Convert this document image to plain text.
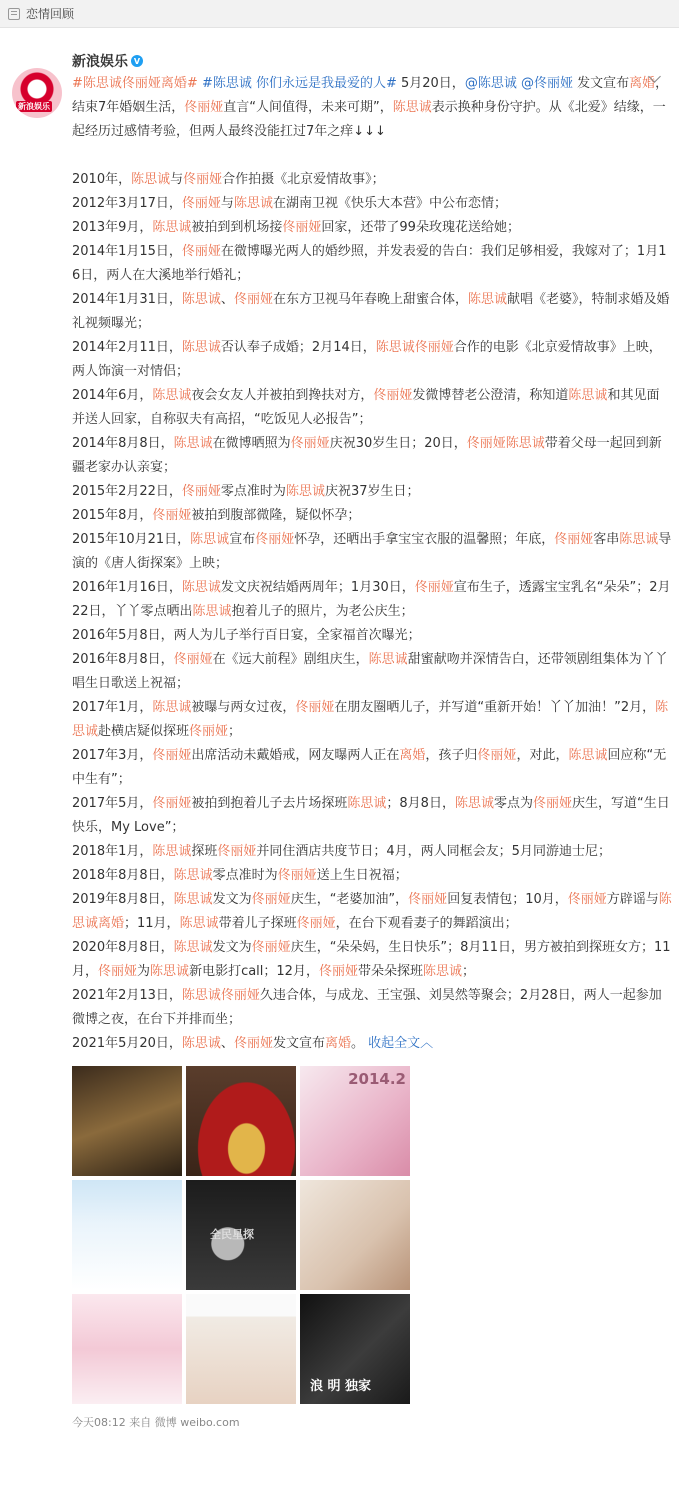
恋情回顾
新浪娱乐
新浪娱乐 V

#陈思诚佟丽娅离婚# #陈思诚 你们永远是我最爱的人# 5月20日，@陈思诚 @佟丽娅 发文宣布离婚，结束7年婚姻生活，佟丽娅直言“人间值得，未来可期”，陈思诚表示换种身份守护。从《北爱》结缘，一起经历过感情考验，但两人最终没能扛过7年之痒↓↓↓

2010年，陈思诚与佟丽娅合作拍摄《北京爱情故事》；

2012年3月17日，佟丽娅与陈思诚在湖南卫视《快乐大本营》中公布恋情；

2013年9月，陈思诚被拍到到机场接佟丽娅回家，还带了99朵玫瑰花送给她；

2014年1月15日，佟丽娅在微博曝光两人的婚纱照，并发表爱的告白：我们足够相爱，我嫁对了；1月16日，两人在大溪地举行婚礼；

2014年1月31日，陈思诚、佟丽娅在东方卫视马年春晚上甜蜜合体，陈思诚献唱《老婆》，特制求婚及婚礼视频曝光；

2014年2月11日，陈思诚否认奉子成婚；2月14日，陈思诚佟丽娅合作的电影《北京爱情故事》上映，两人饰演一对情侣；

2014年6月，陈思诚夜会女友人并被拍到搀扶对方，佟丽娅发微博替老公澄清，称知道陈思诚和其见面并送人回家，自称驭夫有高招，“吃饭见人必报告”；

2014年8月8日，陈思诚在微博晒照为佟丽娅庆祝30岁生日；20日，佟丽娅陈思诚带着父母一起回到新疆老家办认亲宴；

2015年2月22日，佟丽娅零点准时为陈思诚庆祝37岁生日；

2015年8月，佟丽娅被拍到腹部微隆，疑似怀孕；

2015年10月21日，陈思诚宣布佟丽娅怀孕，还晒出手拿宝宝衣服的温馨照；年底，佟丽娅客串陈思诚导演的《唐人街探案》上映；

2016年1月16日，陈思诚发文庆祝结婚两周年；1月30日，佟丽娅宣布生子，透露宝宝乳名“朵朵”；2月22日，丫丫零点晒出陈思诚抱着儿子的照片，为老公庆生；

2016年5月8日，两人为儿子举行百日宴，全家福首次曝光；

2016年8月8日，佟丽娅在《远大前程》剧组庆生，陈思诚甜蜜献吻并深情告白，还带领剧组集体为丫丫唱生日歌送上祝福；

2017年1月，陈思诚被曝与两女过夜，佟丽娅在朋友圈晒儿子，并写道“重新开始！丫丫加油！”2月，陈思诚赴横店疑似探班佟丽娅；

2017年3月，佟丽娅出席活动未戴婚戒，网友曝两人正在离婚，孩子归佟丽娅，对此，陈思诚回应称“无中生有”；

2017年5月，佟丽娅被拍到抱着儿子去片场探班陈思诚；8月8日，陈思诚零点为佟丽娅庆生，写道“生日快乐，My Love”；

2018年1月，陈思诚探班佟丽娅并同住酒店共度节日；4月，两人同框会友；5月同游迪士尼；

2018年8月8日，陈思诚零点准时为佟丽娅送上生日祝福；

2019年8月8日，陈思诚发文为佟丽娅庆生，“老婆加油”，佟丽娅回复表情包；10月，佟丽娅方辟谣与陈思诚离婚；11月，陈思诚带着儿子探班佟丽娅，在台下观看妻子的舞蹈演出；

2020年8月8日，陈思诚发文为佟丽娅庆生，“朵朵妈，生日快乐”；8月11日，男方被拍到探班女方；11月，佟丽娅为陈思诚新电影打call；12月，佟丽娅带朵朵探班陈思诚；

2021年2月13日，陈思诚佟丽娅久违合体，与成龙、王宝强、刘昊然等聚会；2月28日，两人一起参加微博之夜，在台下并排而坐；

2021年5月20日，陈思诚、佟丽娅发文宣布离婚。 收起全文︿

2014.2
全民星探
浪 明 独家
今天08:12 来自 微博 weibo.com
